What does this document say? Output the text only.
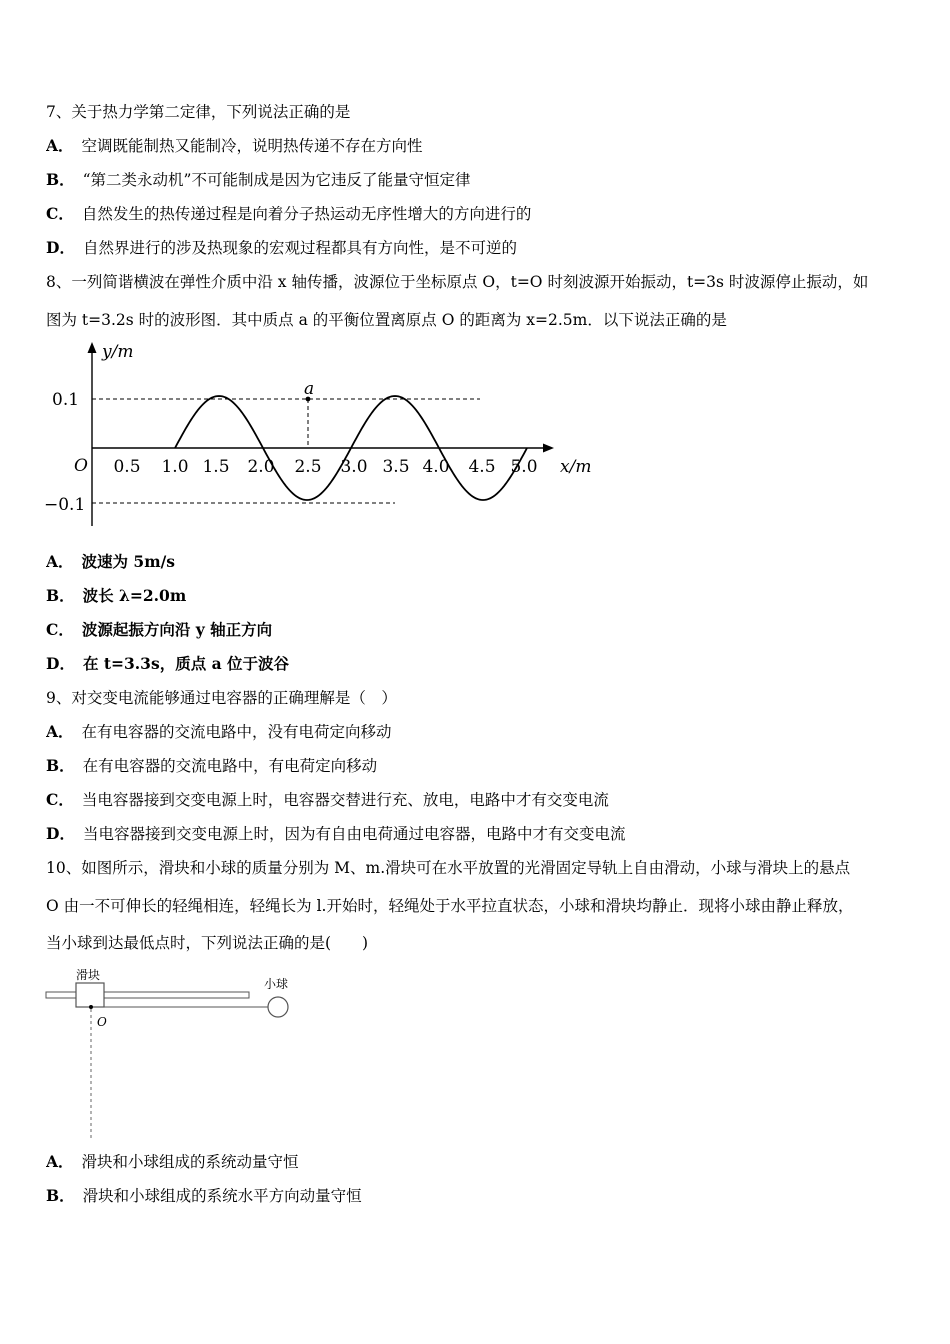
7、关于热力学第二定律，下列说法正确的是
A． 空调既能制热又能制冷，说明热传递不存在方向性
B． “第二类永动机”不可能制成是因为它违反了能量守恒定律
C． 自然发生的热传递过程是向着分子热运动无序性增大的方向进行的
D． 自然界进行的涉及热现象的宏观过程都具有方向性，是不可逆的
8、一列简谐横波在弹性介质中沿 x 轴传播，波源位于坐标原点 O，t=O 时刻波源开始振动，t=3s 时波源停止振动，如
图为 t=3.2s 时的波形图．其中质点 a 的平衡位置离原点 O 的距离为 x=2.5m．以下说法正确的是
a
y/m
x/m
O
0.1
−0.1
0.5 1.0 1.5 2.0 2.5 3.0 3.5 4.0 4.5 5.0
A． 波速为 5m/s
B． 波长 λ=2.0m
C． 波源起振方向沿 y 轴正方向
D． 在 t=3.3s，质点 a 位于波谷
9、对交变电流能够通过电容器的正确理解是（　）
A． 在有电容器的交流电路中，没有电荷定向移动
B． 在有电容器的交流电路中，有电荷定向移动
C． 当电容器接到交变电源上时，电容器交替进行充、放电，电路中才有交变电流
D． 当电容器接到交变电源上时，因为有自由电荷通过电容器，电路中才有交变电流
10、如图所示，滑块和小球的质量分别为 M、m.滑块可在水平放置的光滑固定导轨上自由滑动，小球与滑块上的悬点
O 由一不可伸长的轻绳相连，轻绳长为 l.开始时，轻绳处于水平拉直状态，小球和滑块均静止．现将小球由静止释放，
当小球到达最低点时，下列说法正确的是(　　)
滑块
小球
O
A． 滑块和小球组成的系统动量守恒
B． 滑块和小球组成的系统水平方向动量守恒
